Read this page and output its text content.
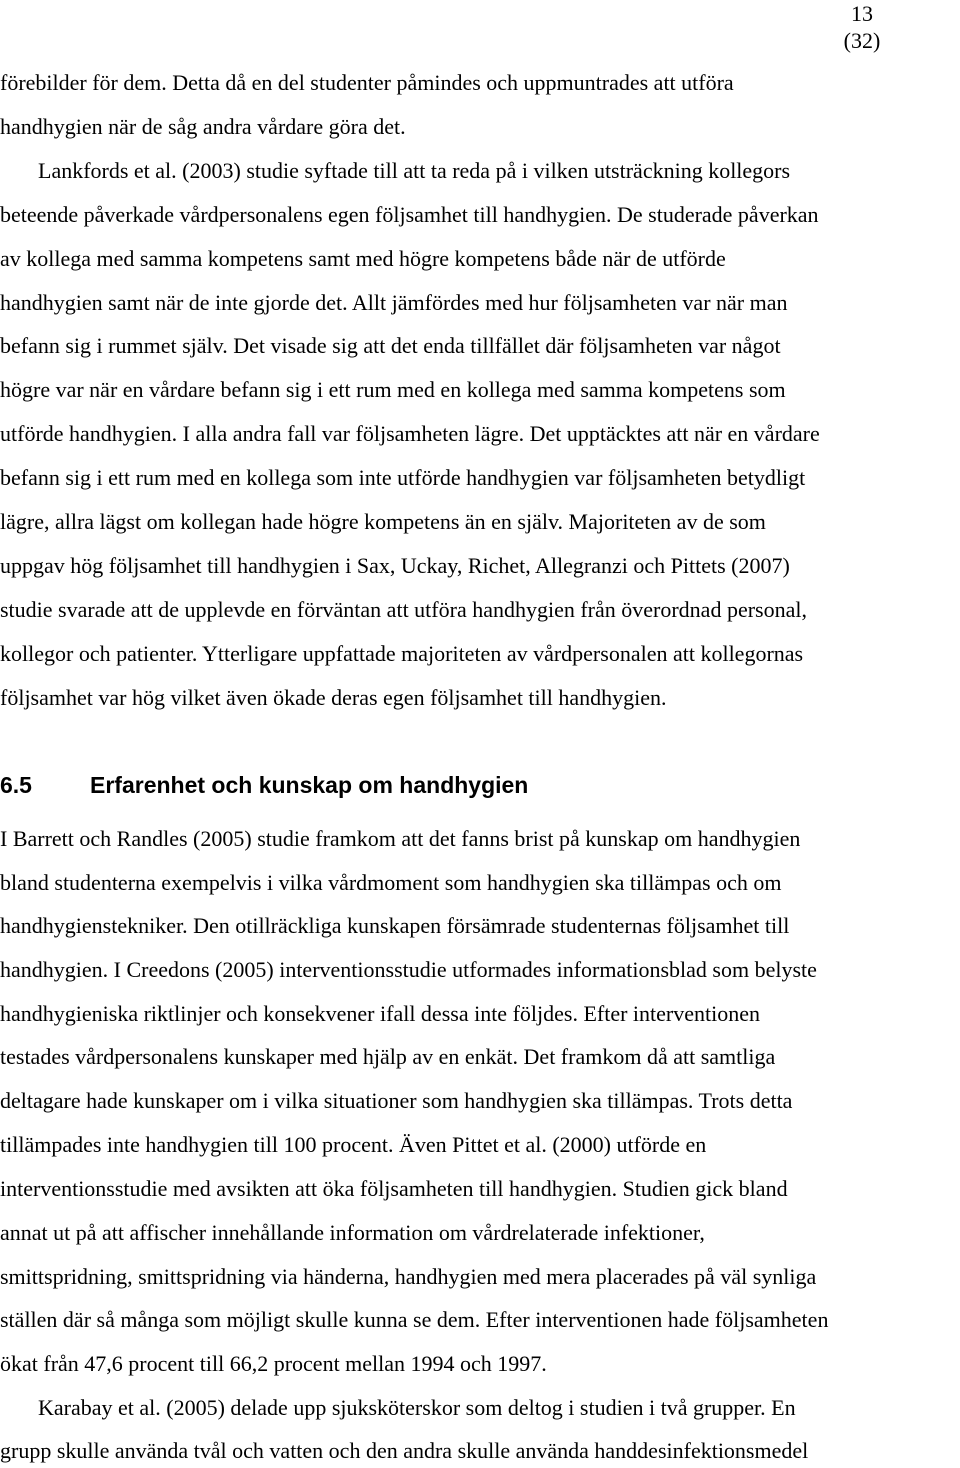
13
(32)
förebilder för dem. Detta då en del studenter påmindes och uppmuntrades att utföra
handhygien när de såg andra vårdare göra det.
Lankfords et al. (2003) studie syftade till att ta reda på i vilken utsträckning kollegors
beteende påverkade vårdpersonalens egen följsamhet till handhygien. De studerade påverkan
av kollega med samma kompetens samt med högre kompetens både när de utförde
handhygien samt när de inte gjorde det. Allt jämfördes med hur följsamheten var när man
befann sig i rummet själv. Det visade sig att det enda tillfället där följsamheten var något
högre var när en vårdare befann sig i ett rum med en kollega med samma kompetens som
utförde handhygien. I alla andra fall var följsamheten lägre. Det upptäcktes att när en vårdare
befann sig i ett rum med en kollega som inte utförde handhygien var följsamheten betydligt
lägre, allra lägst om kollegan hade högre kompetens än en själv. Majoriteten av de som
uppgav hög följsamhet till handhygien i Sax, Uckay, Richet, Allegranzi och Pittets (2007)
studie svarade att de upplevde en förväntan att utföra handhygien från överordnad personal,
kollegor och patienter. Ytterligare uppfattade majoriteten av vårdpersonalen att kollegornas
följsamhet var hög vilket även ökade deras egen följsamhet till handhygien.
6.5	Erfarenhet och kunskap om handhygien
I Barrett och Randles (2005) studie framkom att det fanns brist på kunskap om handhygien
bland studenterna exempelvis i vilka vårdmoment som handhygien ska tillämpas och om
handhygienstekniker. Den otillräckliga kunskapen försämrade studenternas följsamhet till
handhygien. I Creedons (2005) interventionsstudie utformades informationsblad som belyste
handhygieniska riktlinjer och konsekvener ifall dessa inte följdes. Efter interventionen
testades vårdpersonalens kunskaper med hjälp av en enkät. Det framkom då att samtliga
deltagare hade kunskaper om i vilka situationer som handhygien ska tillämpas. Trots detta
tillämpades inte handhygien till 100 procent. Även Pittet et al. (2000) utförde en
interventionsstudie med avsikten att öka följsamheten till handhygien. Studien gick bland
annat ut på att affischer innehållande information om vårdrelaterade infektioner,
smittspridning, smittspridning via händerna, handhygien med mera placerades på väl synliga
ställen där så många som möjligt skulle kunna se dem. Efter interventionen hade följsamheten
ökat från 47,6 procent till 66,2 procent mellan 1994 och 1997.
Karabay et al. (2005) delade upp sjuksköterskor som deltog i studien i två grupper. En
grupp skulle använda tvål och vatten och den andra skulle använda handdesinfektionsmedel
